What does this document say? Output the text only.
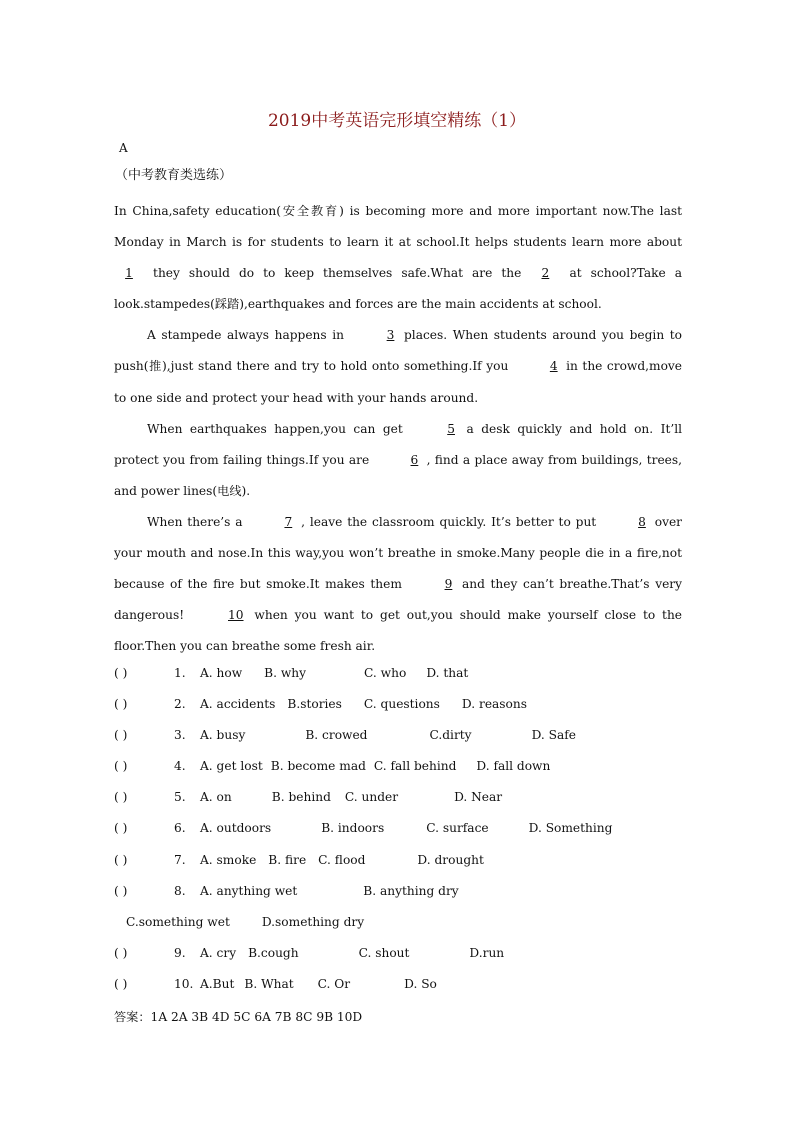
2019中考英语完形填空精练（1）
A
（中考教育类选练）

In China,safety education(安全教育) is becoming more and more important now.The last Monday in March is for students to learn it at school.It helps students learn more about 1 they should do to keep themselves safe.What are the 2 at school?Take a look.stampedes(踩踏),earthquakes and forces are the main accidents at school.

A stampede always happens in	3 places. When students around you begin to push(推),just stand there and try to hold onto something.If you	4 in the crowd,move to one side and protect your head with your hands around.

When earthquakes happen,you can get	5 a desk quickly and hold on. It’ll protect you from failing things.If you are	6 , find a place away from buildings, trees, and power lines(电线).

When there’s a	7 , leave the classroom quickly. It’s better to put	8 over your mouth and nose.In this way,you won’t breathe in smoke.Many people die in a fire,not because of the fire but smoke.It makes them	9 and they can’t breathe.That’s very dangerous!	10 when you want to get out,you should make yourself close to the floor.Then you can breathe some fresh air.

( )	1. A. how B. why	C. who D. that
( )	2. A. accidents B.stories C. questions D. reasons
( )	3. A. busy	B. crowed	C.dirty	D. Safe
( )	4. A. get lost B. become mad C. fall behind D. fall down
( )	5. A. on	B. behind C. under	D. Near
( )	6. A. outdoors	B. indoors	C. surface	D. Something
( )	7. A. smoke B. fire C. flood	D. drought
( )	8. A. anything wet	B. anything dry
C.something wet	D.something dry
( )	9. A. cry B.cough	C. shout	D.run
( )	10. A.But B. What C. Or	D. So
答案：1A 2A 3B 4D 5C 6A 7B 8C 9B 10D
